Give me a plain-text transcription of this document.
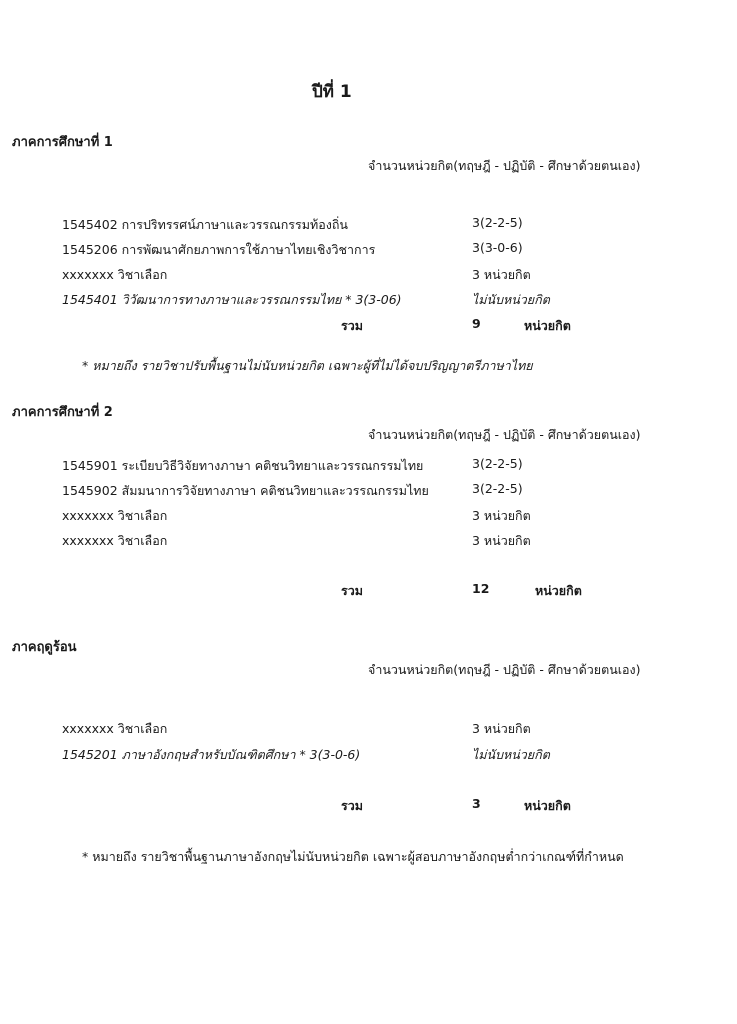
ปีที่ 1
ภาคการศึกษาที่ 1
จำนวนหน่วยกิต(ทฤษฎี - ปฏิบัติ - ศึกษาด้วยตนเอง)
1545402 การปริทรรศน์ภาษาและวรรณกรรมท้องถิ่น	3(2-2-5)
1545206 การพัฒนาศักยภาพการใช้ภาษาไทยเชิงวิชาการ	3(3-0-6)
xxxxxxx วิชาเลือก	3 หน่วยกิต
1545401 วิวัฒนาการทางภาษาและวรรณกรรมไทย * 3(3-06)	ไม่นับหน่วยกิต
รวม	9	หน่วยกิต
* หมายถึง รายวิชาปรับพื้นฐานไม่นับหน่วยกิต เฉพาะผู้ที่ไม่ได้จบปริญญาตรีภาษาไทย
ภาคการศึกษาที่ 2
จำนวนหน่วยกิต(ทฤษฎี - ปฏิบัติ - ศึกษาด้วยตนเอง)
1545901 ระเบียบวิธีวิจัยทางภาษา คติชนวิทยาและวรรณกรรมไทย	3(2-2-5)
1545902 สัมมนาการวิจัยทางภาษา คติชนวิทยาและวรรณกรรมไทย	3(2-2-5)
xxxxxxx วิชาเลือก	3 หน่วยกิต
xxxxxxx วิชาเลือก	3 หน่วยกิต
รวม	12	หน่วยกิต
ภาคฤดูร้อน
จำนวนหน่วยกิต(ทฤษฎี - ปฏิบัติ - ศึกษาด้วยตนเอง)
xxxxxxx วิชาเลือก	3 หน่วยกิต
1545201 ภาษาอังกฤษสำหรับบัณฑิตศึกษา * 3(3-0-6)	ไม่นับหน่วยกิต
รวม	3	หน่วยกิต
* หมายถึง รายวิชาพื้นฐานภาษาอังกฤษไม่นับหน่วยกิต เฉพาะผู้สอบภาษาอังกฤษต่ำกว่าเกณฑ์ที่กำหนด
